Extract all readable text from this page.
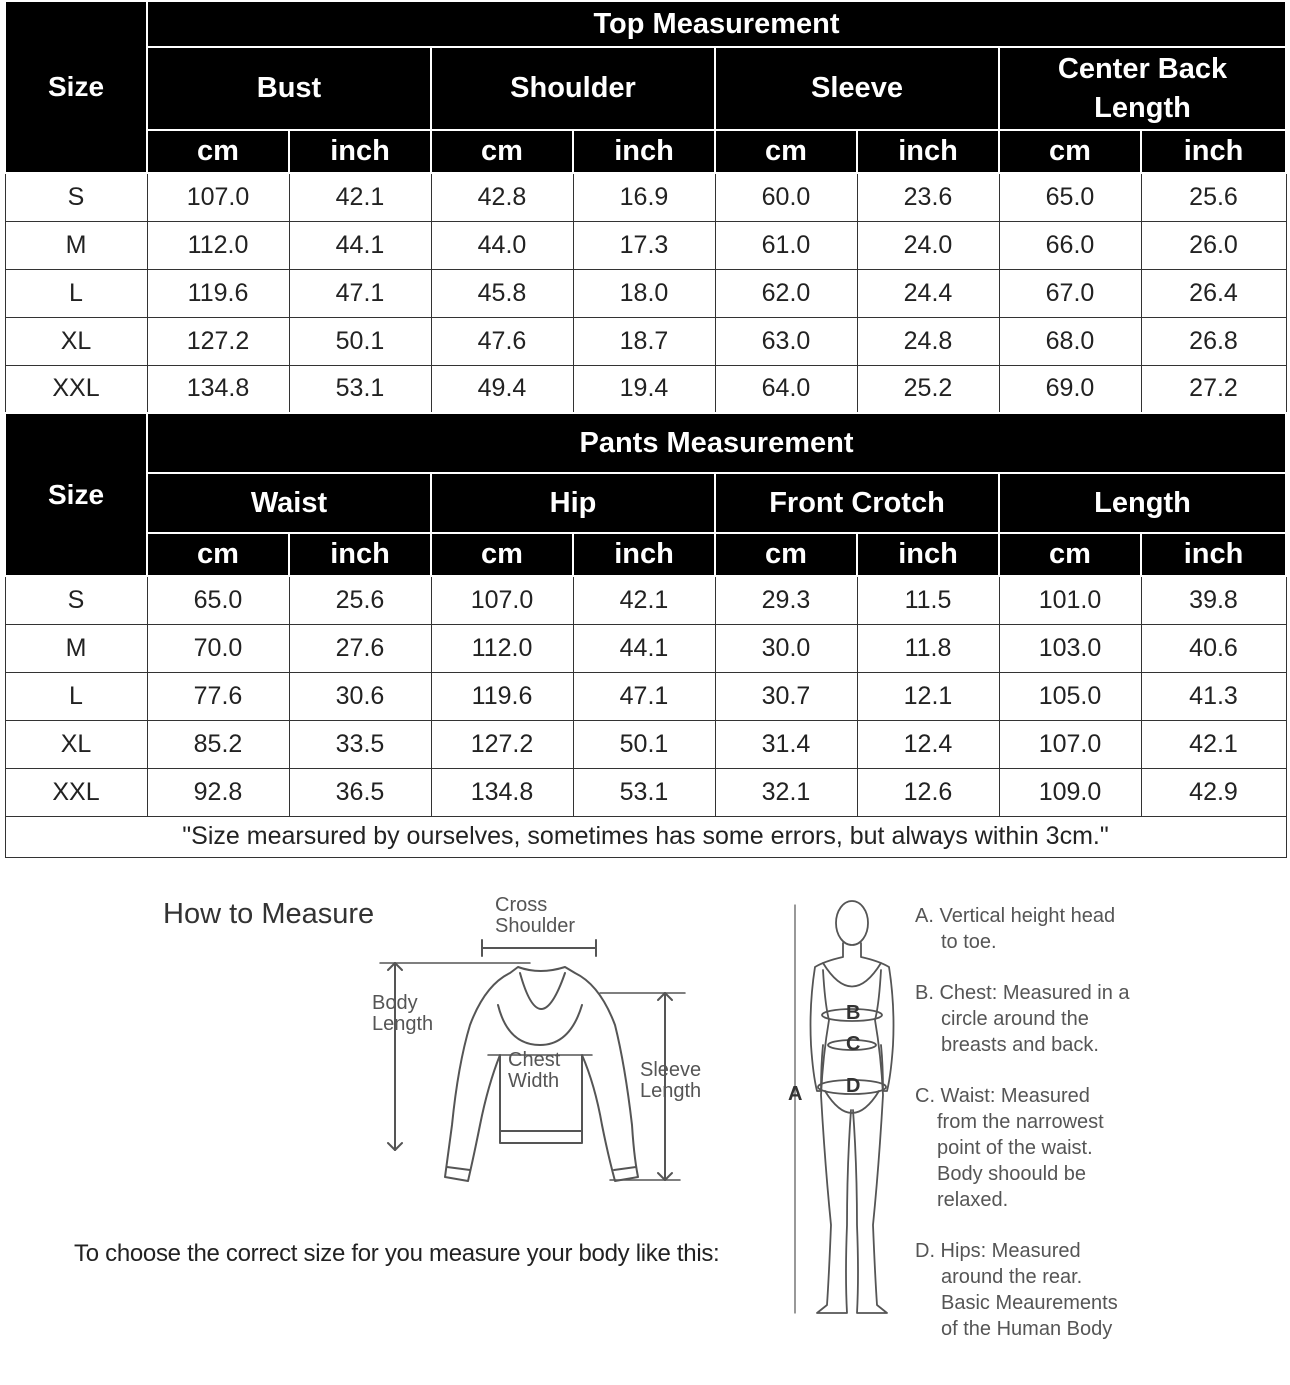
Size	Top Measurement							
	Bust		Shoulder		Sleeve		Center Back Length	
	cm	inch	cm	inch	cm	inch	cm	inch
S	107.0	42.1	42.8	16.9	60.0	23.6	65.0	25.6
M	112.0	44.1	44.0	17.3	61.0	24.0	66.0	26.0
L	119.6	47.1	45.8	18.0	62.0	24.4	67.0	26.4
XL	127.2	50.1	47.6	18.7	63.0	24.8	68.0	26.8
XXL	134.8	53.1	49.4	19.4	64.0	25.2	69.0	27.2
Size	Pants Measurement							
	Waist		Hip		Front Crotch		Length	
	cm	inch	cm	inch	cm	inch	cm	inch
S	65.0	25.6	107.0	42.1	29.3	11.5	101.0	39.8
M	70.0	27.6	112.0	44.1	30.0	11.8	103.0	40.6
L	77.6	30.6	119.6	47.1	30.7	12.1	105.0	41.3
XL	85.2	33.5	127.2	50.1	31.4	12.4	107.0	42.1
XXL	92.8	36.5	134.8	53.1	32.1	12.6	109.0	42.9
"Size mearsured by ourselves, sometimes has some errors, but always within 3cm."								
How to Measure
To choose the correct size for you measure your body like this:
Cross
Shoulder
Body
Length
Chest
Width	Sleeve
Length
B
C
D
A
A. Vertical height head
to toe.
B. Chest: Measured in a
circle around the
breasts and back.
C. Waist: Measured
from the narrowest
point of the waist.
Body shoould be
relaxed.
D. Hips: Measured
around the rear.
Basic Meaurements
of the Human Body
